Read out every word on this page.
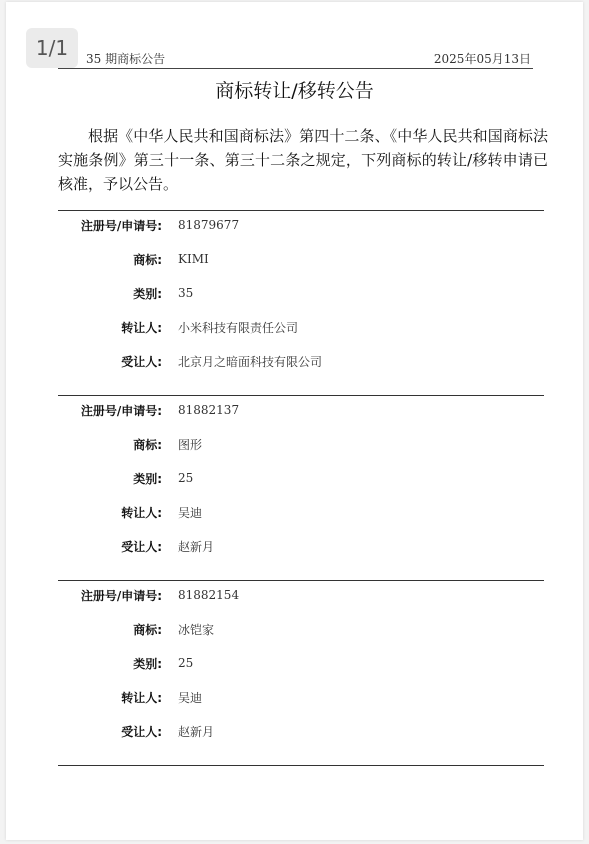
35 期商标公告	2025年05月13日
商标转让/移转公告
根据《中华人民共和国商标法》第四十二条、《中华人民共和国商标法实施条例》第三十一条、第三十二条之规定，下列商标的转让/移转申请已核准，予以公告。
注册号/申请号: 81879677
商标: KIMI
类别: 35
转让人: 小米科技有限责任公司
受让人: 北京月之暗面科技有限公司
注册号/申请号: 81882137
商标: 图形
类别: 25
转让人: 吴迪
受让人: 赵新月
注册号/申请号: 81882154
商标: 冰铠家
类别: 25
转让人: 吴迪
受让人: 赵新月
1/1
